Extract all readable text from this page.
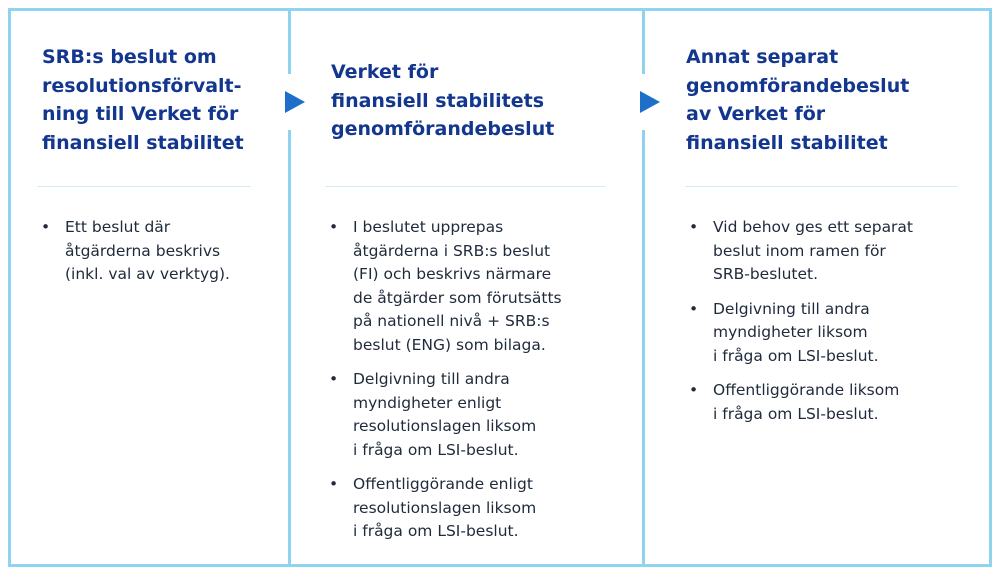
SRB:s beslut om
resolutionsförvalt-
ning till Verket för
finansiell stabilitet
• Ett beslut där
åtgärderna beskrivs
(inkl. val av verktyg).
Verket för
finansiell stabilitets
genomförandebeslut
• I beslutet upprepas
åtgärderna i SRB:s beslut
(FI) och beskrivs närmare
de åtgärder som förutsätts
på nationell nivå + SRB:s
beslut (ENG) som bilaga.
• Delgivning till andra
myndigheter enligt
resolutionslagen liksom
i fråga om LSI-beslut.
• Offentliggörande enligt
resolutionslagen liksom
i fråga om LSI-beslut.
Annat separat
genomförandebeslut
av Verket för
finansiell stabilitet
• Vid behov ges ett separat
beslut inom ramen för
SRB-beslutet.
• Delgivning till andra
myndigheter liksom
i fråga om LSI-beslut.
• Offentliggörande liksom
i fråga om LSI-beslut.
